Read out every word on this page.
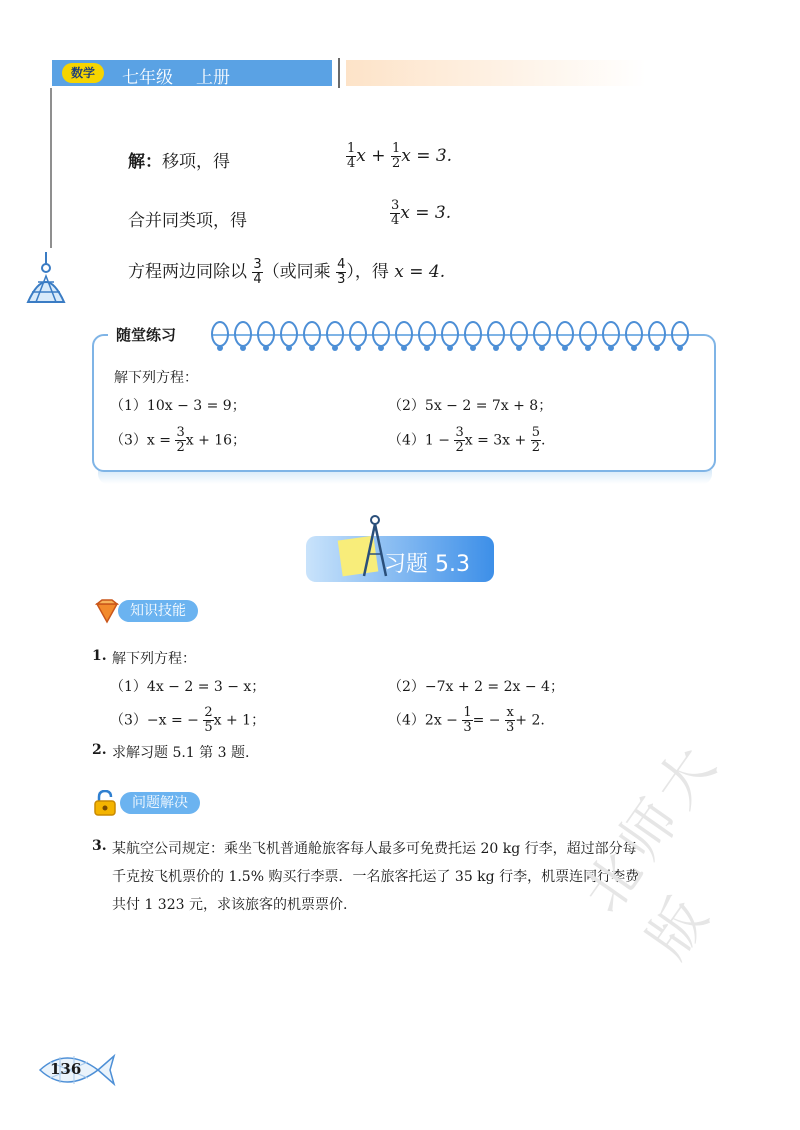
数学	七年级 上册
解：移项，得	$\frac{1}{4}$ $x + \frac{1}{2}$ x = 3.
合并同类项，得	$\frac{3}{4}$ x = 3.
方程两边同除以 $\frac{3}{4}$ （或同乘 $\frac{4}{3}$ ），得 x = 4.
随堂练习
解下列方程：
（1）10x − 3 = 9；	（2）5x − 2 = 7x + 8；
$(3)x = \frac{3}{2}$ x + 16；	$(4)1 - \frac{3}{2}$ $x = 3x + \frac{5}{2}$ .
习题 5.3
知识技能
1. 解下列方程：
（1）4x − 2 = 3 − x；	（2）−7x + 2 = 2x − 4；
（3）−x = − $\frac{2}{5}$ x + 1；	$(4)2x - \frac{1}{3}$ = − $\frac{x}{3} + 2$.
2. 求解习题 5.1 第 3 题.
问题解决
3. 某航空公司规定：乘坐飞机普通舱旅客每人最多可免费托运 20 kg 行李，超过部分每
千克按飞机票价的 1.5% 购买行李票．一名旅客托运了 35 kg 行李，机票连同行李费
共付 1 323 元，求该旅客的机票票价.
136
北师大版
